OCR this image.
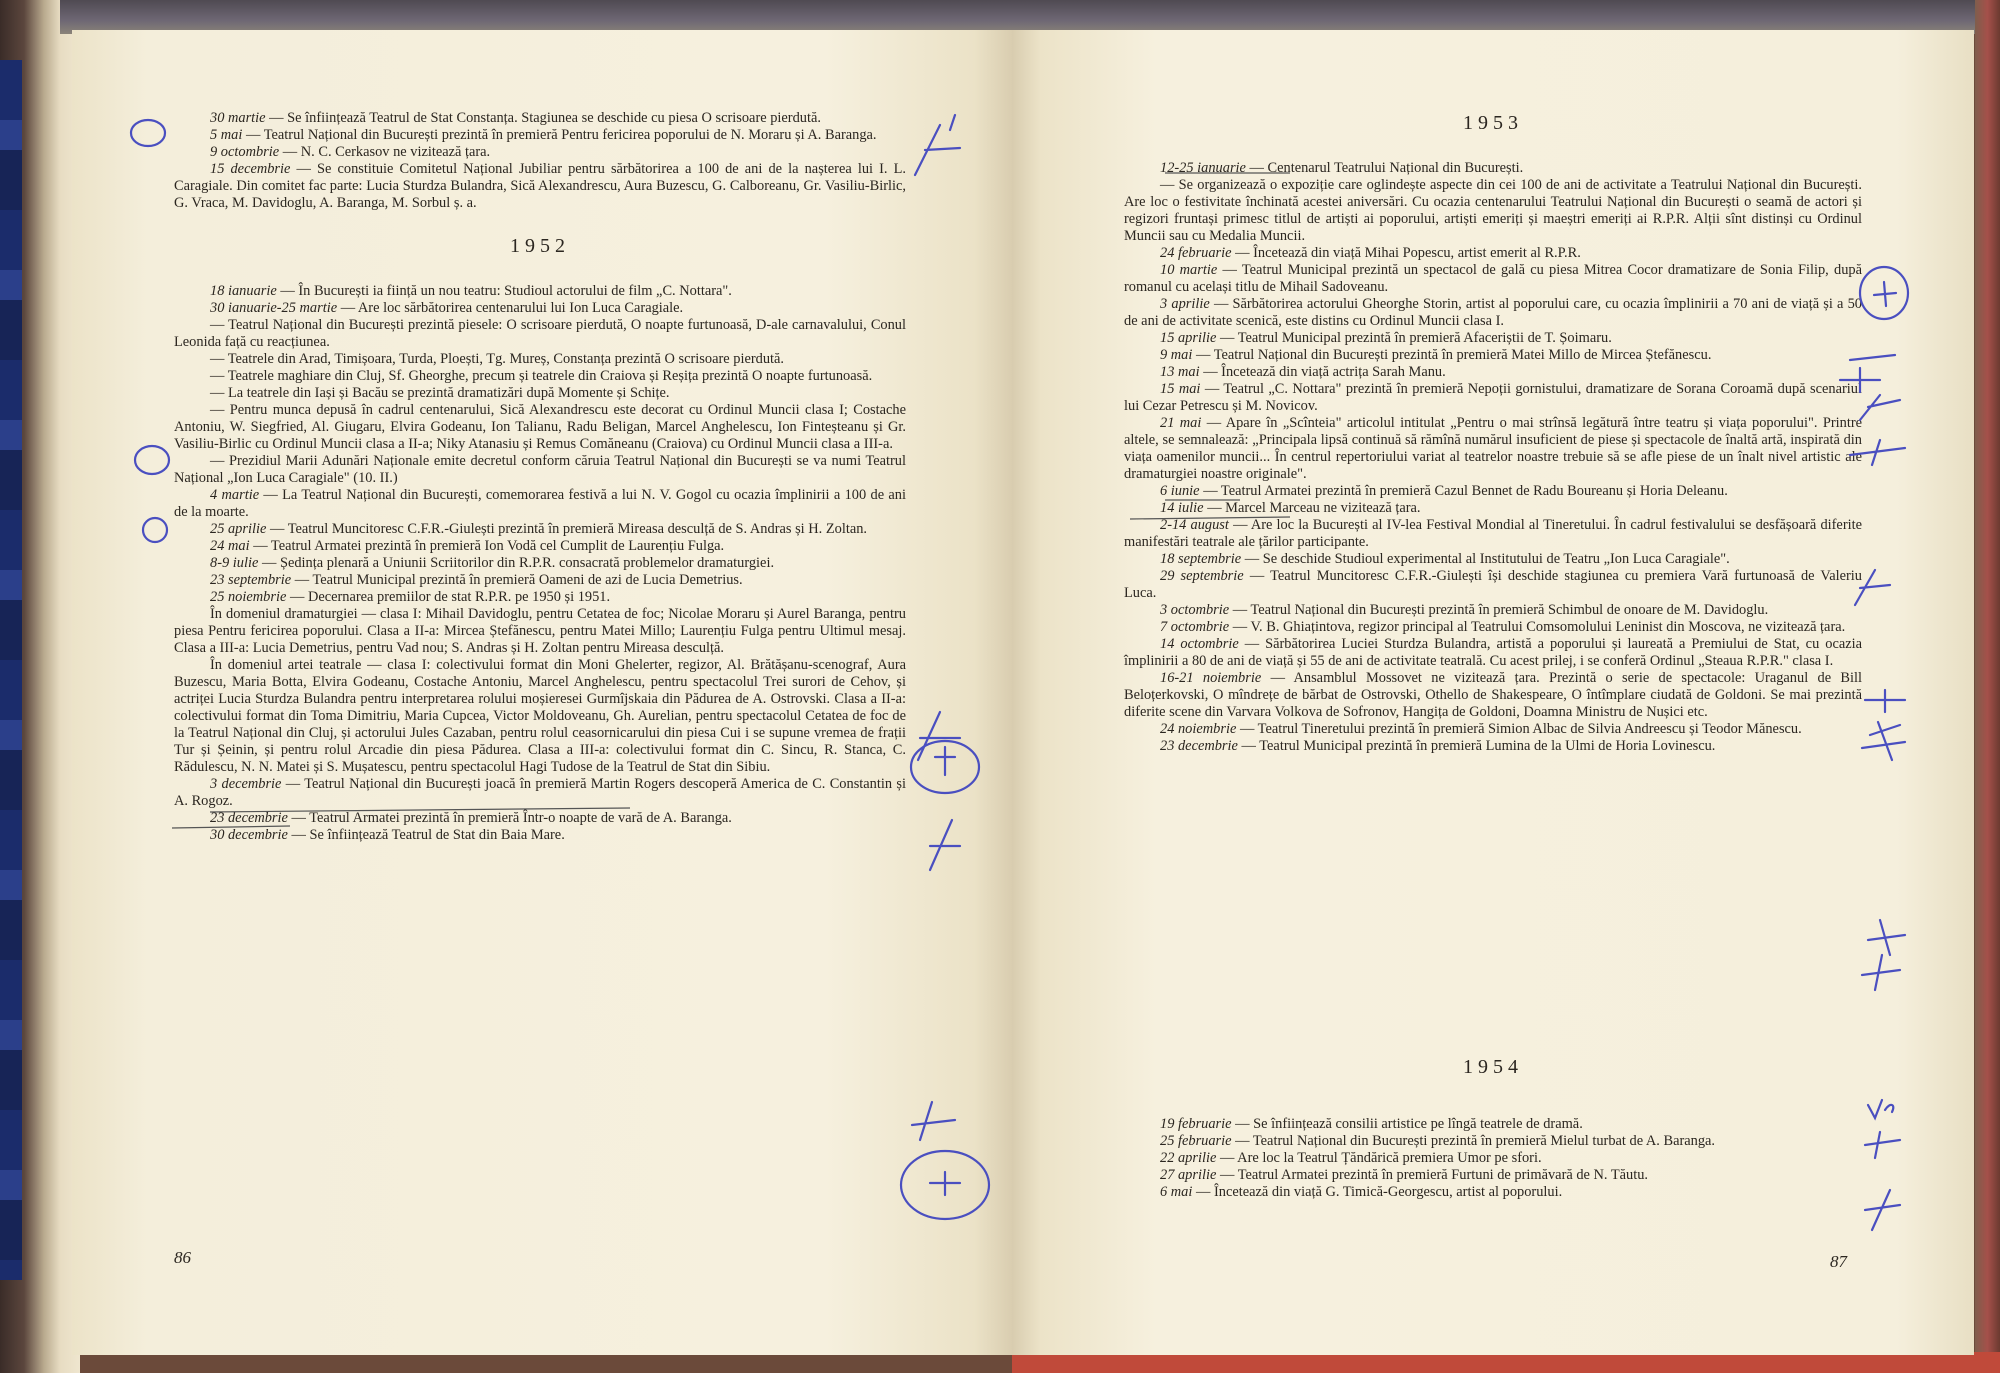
30 martie — Se înființează Teatrul de Stat Constanța. Stagiunea se deschide cu piesa O scrisoare pierdută.

5 mai — Teatrul Național din București prezintă în premieră Pentru fericirea poporului de N. Moraru și A. Baranga.

9 octombrie — N. C. Cerkasov ne vizitează țara.

15 decembrie — Se constituie Comitetul Național Jubiliar pentru sărbătorirea a 100 de ani de la nașterea lui I. L. Caragiale. Din comitet fac parte: Lucia Sturdza Bulandra, Sică Alexandrescu, Aura Buzescu, G. Calboreanu, Gr. Vasiliu-Birlic, G. Vraca, M. Davidoglu, A. Baranga, M. Sorbul ș. a.

1952

18 ianuarie — În București ia ființă un nou teatru: Studioul actorului de film „C. Nottara".

30 ianuarie-25 martie — Are loc sărbătorirea centenarului lui Ion Luca Caragiale.

— Teatrul Național din București prezintă piesele: O scrisoare pierdută, O noapte furtunoasă, D-ale carnavalului, Conul Leonida față cu reacțiunea.

— Teatrele din Arad, Timișoara, Turda, Ploești, Tg. Mureș, Constanța prezintă O scrisoare pierdută.

— Teatrele maghiare din Cluj, Sf. Gheorghe, precum și teatrele din Craiova și Reșița prezintă O noapte furtunoasă.

— La teatrele din Iași și Bacău se prezintă dramatizări după Momente și Schițe.

— Pentru munca depusă în cadrul centenarului, Sică Alexandrescu este decorat cu Ordinul Muncii clasa I; Costache Antoniu, W. Siegfried, Al. Giugaru, Elvira Godeanu, Ion Talianu, Radu Beligan, Marcel Anghelescu, Ion Finteșteanu și Gr. Vasiliu-Birlic cu Ordinul Muncii clasa a II-a; Niky Atanasiu și Remus Comăneanu (Craiova) cu Ordinul Muncii clasa a III-a.

— Prezidiul Marii Adunări Naționale emite decretul conform căruia Teatrul Național din București se va numi Teatrul Național „Ion Luca Caragiale" (10. II.)

4 martie — La Teatrul Național din București, comemorarea festivă a lui N. V. Gogol cu ocazia împlinirii a 100 de ani de la moarte.

25 aprilie — Teatrul Muncitoresc C.F.R.-Giulești prezintă în premieră Mireasa desculță de S. Andras și H. Zoltan.

24 mai — Teatrul Armatei prezintă în premieră Ion Vodă cel Cumplit de Laurențiu Fulga.

8-9 iulie — Ședința plenară a Uniunii Scriitorilor din R.P.R. consacrată problemelor dramaturgiei.

23 septembrie — Teatrul Municipal prezintă în premieră Oameni de azi de Lucia Demetrius.

25 noiembrie — Decernarea premiilor de stat R.P.R. pe 1950 și 1951.

În domeniul dramaturgiei — clasa I: Mihail Davidoglu, pentru Cetatea de foc; Nicolae Moraru și Aurel Baranga, pentru piesa Pentru fericirea poporului. Clasa a II-a: Mircea Ștefănescu, pentru Matei Millo; Laurențiu Fulga pentru Ultimul mesaj. Clasa a III-a: Lucia Demetrius, pentru Vad nou; S. Andras și H. Zoltan pentru Mireasa desculță.

În domeniul artei teatrale — clasa I: colectivului format din Moni Ghelerter, regizor, Al. Brătășanu-scenograf, Aura Buzescu, Maria Botta, Elvira Godeanu, Costache Antoniu, Marcel Anghelescu, pentru spectacolul Trei surori de Cehov, și actriței Lucia Sturdza Bulandra pentru interpretarea rolului moșieresei Gurmîjskaia din Pădurea de A. Ostrovski. Clasa a II-a: colectivului format din Toma Dimitriu, Maria Cupcea, Victor Moldoveanu, Gh. Aurelian, pentru spectacolul Cetatea de foc de la Teatrul Național din Cluj, și actorului Jules Cazaban, pentru rolul ceasornicarului din piesa Cui i se supune vremea de frații Tur și Șeinin, și pentru rolul Arcadie din piesa Pădurea. Clasa a III-a: colectivului format din C. Sincu, R. Stanca, C. Rădulescu, N. N. Matei și S. Mușatescu, pentru spectacolul Hagi Tudose de la Teatrul de Stat din Sibiu.

3 decembrie — Teatrul Național din București joacă în premieră Martin Rogers descoperă America de C. Constantin și A. Rogoz.

23 decembrie — Teatrul Armatei prezintă în premieră Într-o noapte de vară de A. Baranga.

30 decembrie — Se înființează Teatrul de Stat din Baia Mare.

86
1953

12-25 ianuarie — Centenarul Teatrului Național din București.

— Se organizează o expoziție care oglindește aspecte din cei 100 de ani de activitate a Teatrului Național din București. Are loc o festivitate închinată acestei aniversări. Cu ocazia centenarului Teatrului Național din București o seamă de actori și regizori fruntași primesc titlul de artiști ai poporului, artiști emeriți și maeștri emeriți ai R.P.R. Alții sînt distinși cu Ordinul Muncii sau cu Medalia Muncii.

24 februarie — Încetează din viață Mihai Popescu, artist emerit al R.P.R.

10 martie — Teatrul Municipal prezintă un spectacol de gală cu piesa Mitrea Cocor dramatizare de Sonia Filip, după romanul cu același titlu de Mihail Sadoveanu.

3 aprilie — Sărbătorirea actorului Gheorghe Storin, artist al poporului care, cu ocazia împlinirii a 70 ani de viață și a 50 de ani de activitate scenică, este distins cu Ordinul Muncii clasa I.

15 aprilie — Teatrul Municipal prezintă în premieră Afaceriștii de T. Șoimaru.

9 mai — Teatrul Național din București prezintă în premieră Matei Millo de Mircea Ștefănescu.

13 mai — Încetează din viață actrița Sarah Manu.

15 mai — Teatrul „C. Nottara" prezintă în premieră Nepoții gornistului, dramatizare de Sorana Coroamă după scenariul lui Cezar Petrescu și M. Novicov.

21 mai — Apare în „Scînteia" articolul intitulat „Pentru o mai strînsă legătură între teatru și viața poporului". Printre altele, se semnalează: „Principala lipsă continuă să rămînă numărul insuficient de piese și spectacole de înaltă artă, inspirată din viața oamenilor muncii... În centrul repertoriului variat al teatrelor noastre trebuie să se afle piese de un înalt nivel artistic ale dramaturgiei noastre originale".

6 iunie — Teatrul Armatei prezintă în premieră Cazul Bennet de Radu Boureanu și Horia Deleanu.

14 iulie — Marcel Marceau ne vizitează țara.

2-14 august — Are loc la București al IV-lea Festival Mondial al Tineretului. În cadrul festivalului se desfășoară diferite manifestări teatrale ale țărilor participante.

18 septembrie — Se deschide Studioul experimental al Institutului de Teatru „Ion Luca Caragiale".

29 septembrie — Teatrul Muncitoresc C.F.R.-Giulești își deschide stagiunea cu premiera Vară furtunoasă de Valeriu Luca.

3 octombrie — Teatrul Național din București prezintă în premieră Schimbul de onoare de M. Davidoglu.

7 octombrie — V. B. Ghiațintova, regizor principal al Teatrului Comsomolului Leninist din Moscova, ne vizitează țara.

14 octombrie — Sărbătorirea Luciei Sturdza Bulandra, artistă a poporului și laureată a Premiului de Stat, cu ocazia împlinirii a 80 de ani de viață și 55 de ani de activitate teatrală. Cu acest prilej, i se conferă Ordinul „Steaua R.P.R." clasa I.

16-21 noiembrie — Ansamblul Mossovet ne vizitează țara. Prezintă o serie de spectacole: Uraganul de Bill Beloțerkovski, O mîndrețe de bărbat de Ostrovski, Othello de Shakespeare, O întîmplare ciudată de Goldoni. Se mai prezintă diferite scene din Varvara Volkova de Sofronov, Hangița de Goldoni, Doamna Ministru de Nușici etc.

24 noiembrie — Teatrul Tineretului prezintă în premieră Simion Albac de Silvia Andreescu și Teodor Mănescu.

23 decembrie — Teatrul Municipal prezintă în premieră Lumina de la Ulmi de Horia Lovinescu.

1954

19 februarie — Se înființează consilii artistice pe lîngă teatrele de dramă.

25 februarie — Teatrul Național din București prezintă în premieră Mielul turbat de A. Baranga.

22 aprilie — Are loc la Teatrul Țăndărică premiera Umor pe sfori.

27 aprilie — Teatrul Armatei prezintă în premieră Furtuni de primăvară de N. Tăutu.

6 mai — Încetează din viață G. Timică-Georgescu, artist al poporului.

87
